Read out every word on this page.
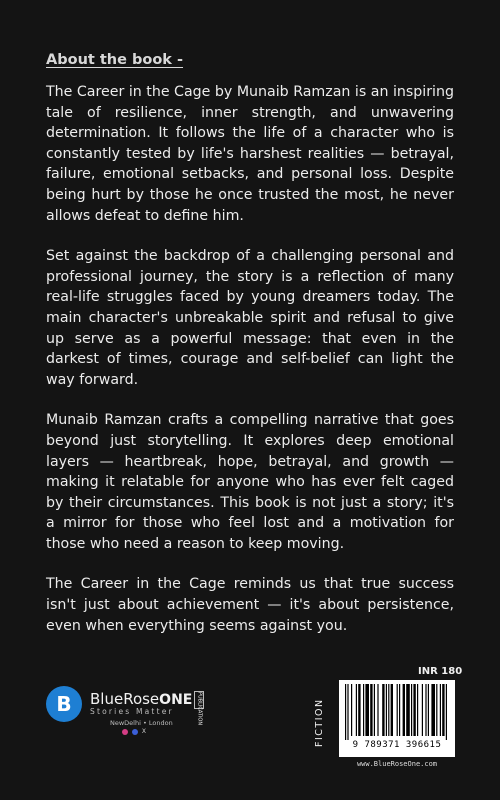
About the book -

The Career in the Cage by Munaib Ramzan is an inspiring tale of resilience, inner strength, and unwavering determination. It follows the life of a character who is constantly tested by life's harshest realities — betrayal, failure, emotional setbacks, and personal loss. Despite being hurt by those he once trusted the most, he never allows defeat to define him.

Set against the backdrop of a challenging personal and professional journey, the story is a reflection of many real-life struggles faced by young dreamers today. The main character's unbreakable spirit and refusal to give up serve as a powerful message: that even in the darkest of times, courage and self-belief can light the way forward.

Munaib Ramzan crafts a compelling narrative that goes beyond just storytelling. It explores deep emotional layers — heartbreak, hope, betrayal, and growth — making it relatable for anyone who has ever felt caged by their circumstances. This book is not just a story; it's a mirror for those who feel lost and a motivation for those who need a reason to keep moving.

The Career in the Cage reminds us that true success isn't just about achievement — it's about persistence, even when everything seems against you.

B	BlueRoseONE PUBLICATION
Stories Matter
NewDelhi • London
X
INR 180
FICTION	9 789371 396615
www.BlueRoseOne.com
